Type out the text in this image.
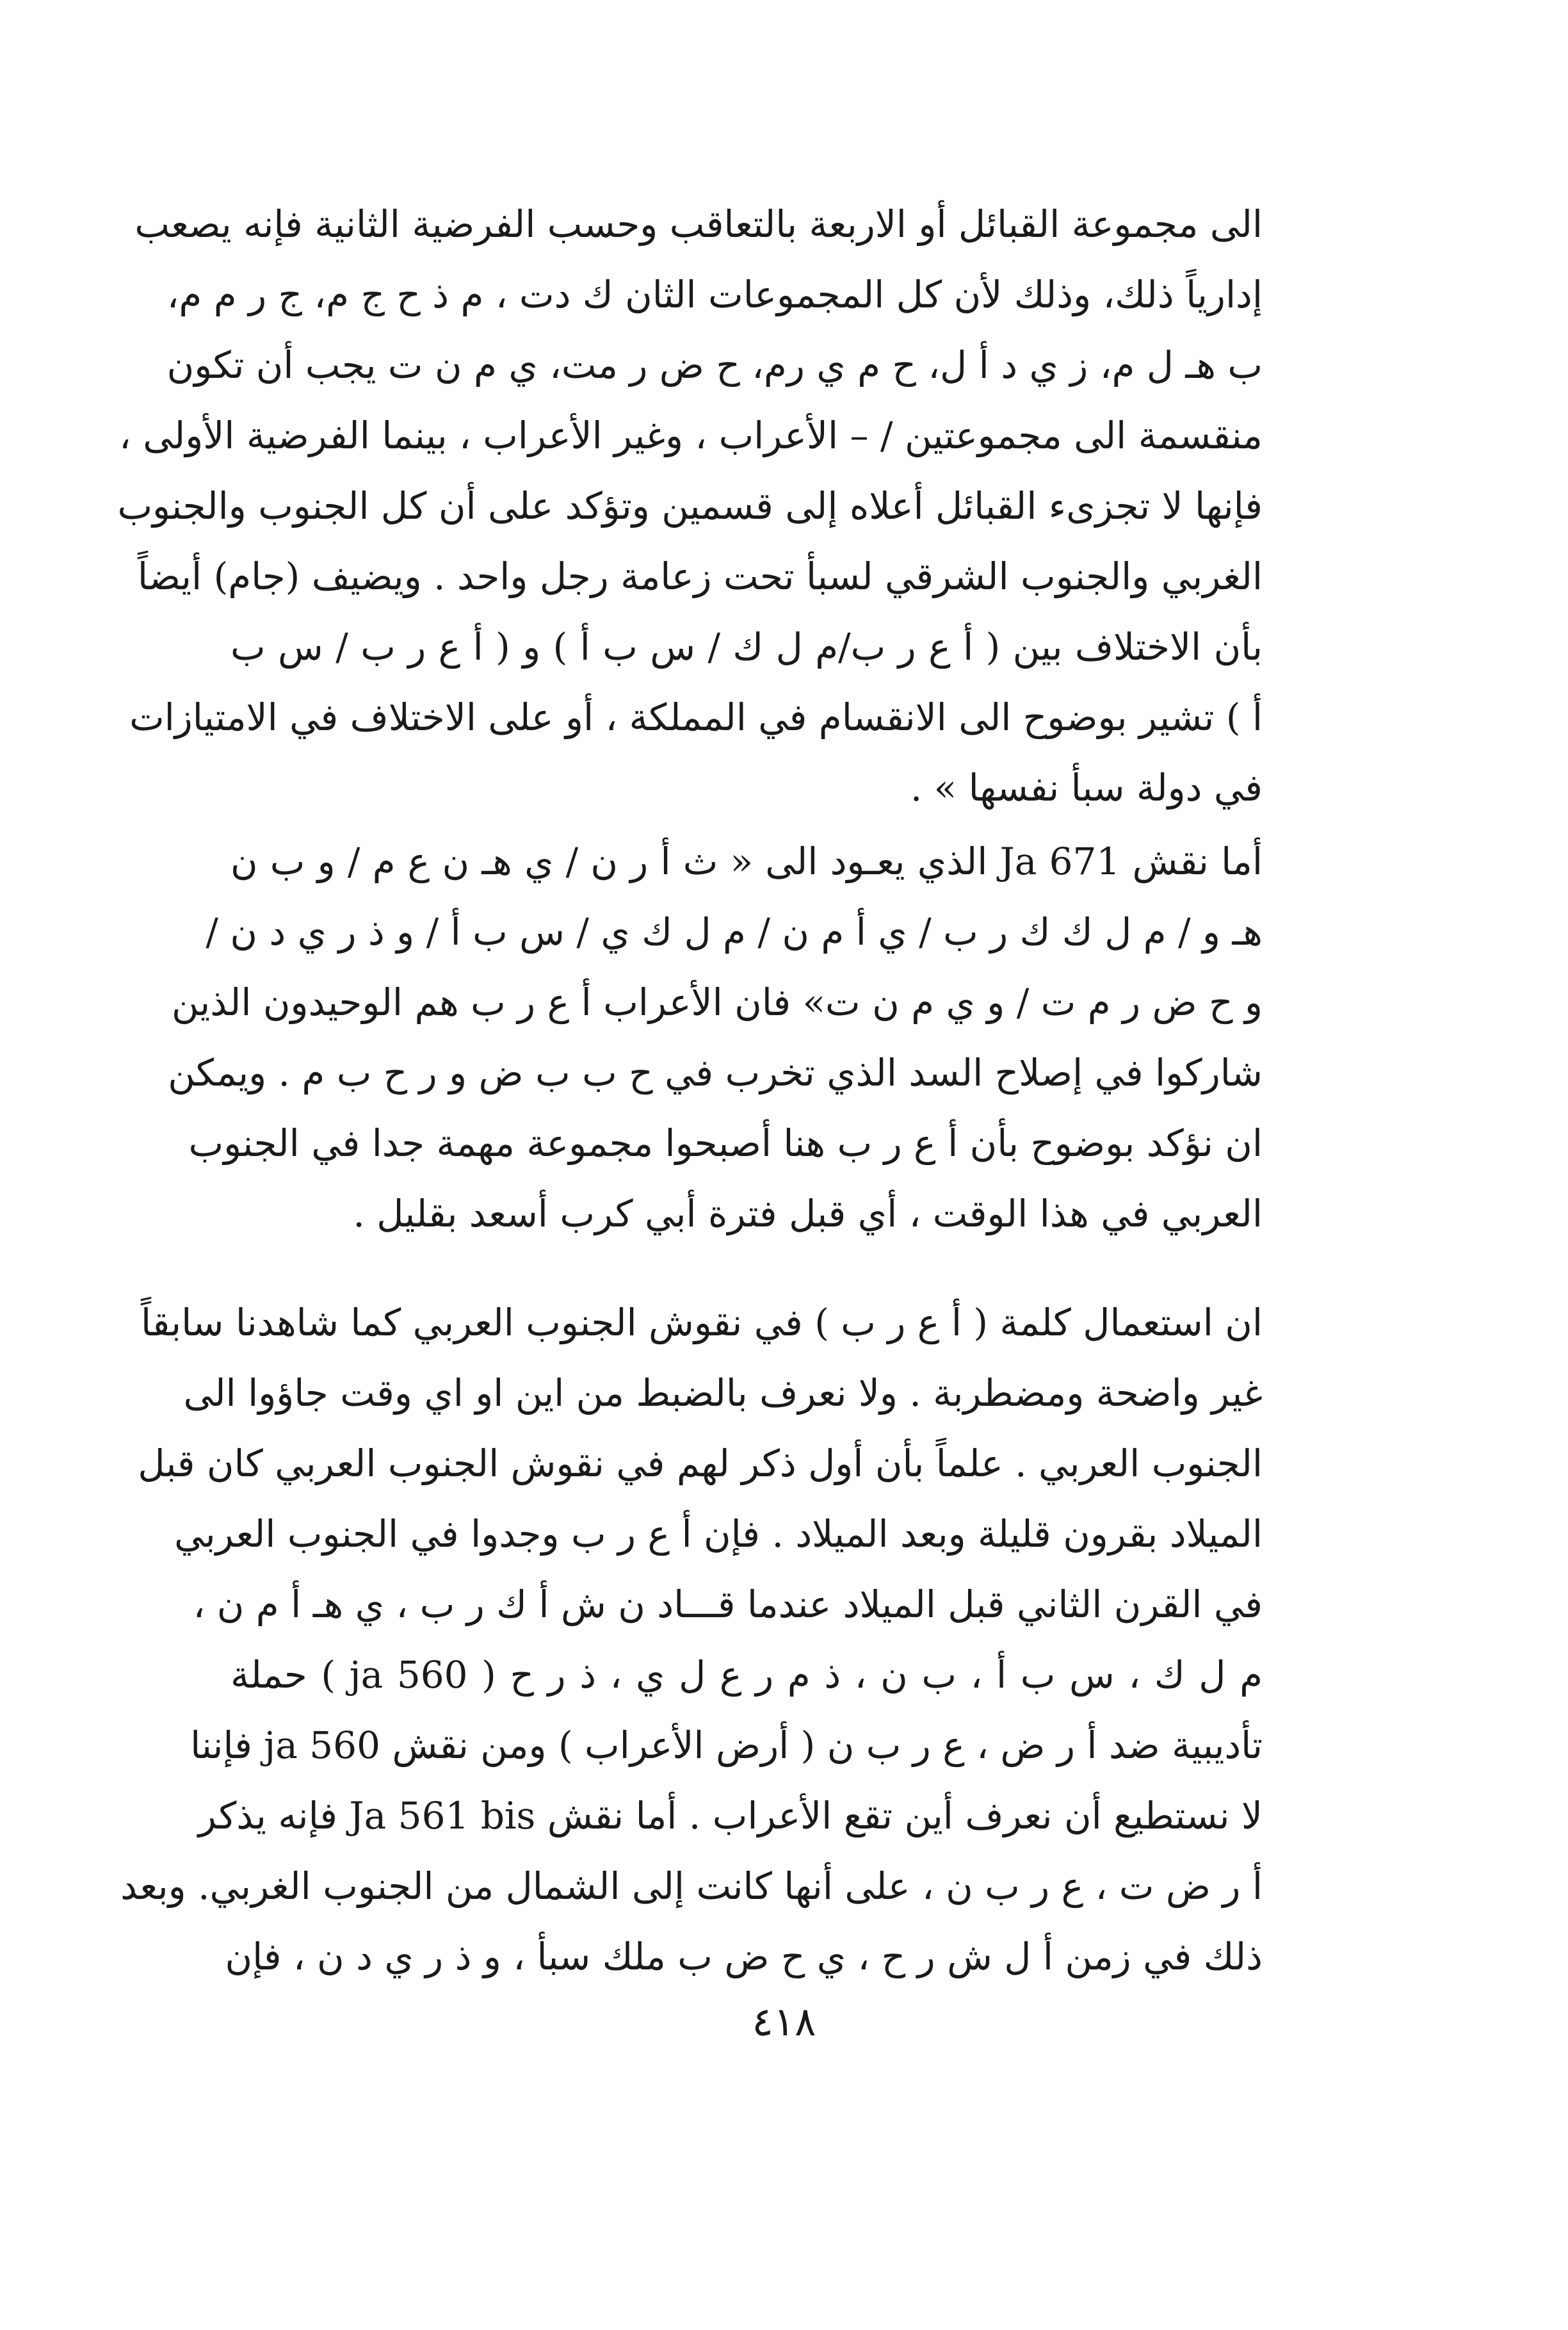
الى مجموعة القبائل أو الاربعة بالتعاقب وحسب الفرضية الثانية فإنه يصعب
إدارياً ذلك، وذلك لأن كل المجموعات الثان ك دت ، م ذ ح ج م، ج ر م م،
ب هـ ل م، ز ي د أ ل، ح م ي رم، ح ض ر مت، ي م ن ت يجب أن تكون
منقسمة الى مجموعتين / – الأعراب ، وغير الأعراب ، بينما الفرضية الأولى ،
فإنها لا تجزىء القبائل أعلاه إلى قسمين وتؤكد على أن كل الجنوب والجنوب
الغربي والجنوب الشرقي لسبأ تحت زعامة رجل واحد . ويضيف (جام) أيضاً
بأن الاختلاف بين ( أ ع ر ب/م ل ك / س ب أ ) و ( أ ع ر ب / س ب
أ ) تشير بوضوح الى الانقسام في المملكة ، أو على الاختلاف في الامتيازات
في دولة سبأ نفسها » .
أما نقش Ja 671 الذي يعـود الى « ث أ ر ن / ي هـ ن ع م / و ب ن
هـ و / م ل ك ك ر ب / ي أ م ن / م ل ك ي / س ب أ / و ذ ر ي د ن /
و ح ض ر م ت / و ي م ن ت» فان الأعراب أ ع ر ب هم الوحيدون الذين
شاركوا في إصلاح السد الذي تخرب في ح ب ب ض و ر ح ب م . ويمكن
ان نؤكد بوضوح بأن أ ع ر ب هنا أصبحوا مجموعة مهمة جدا في الجنوب
العربي في هذا الوقت ، أي قبل فترة أبي كرب أسعد بقليل .
ان استعمال كلمة ( أ ع ر ب ) في نقوش الجنوب العربي كما شاهدنا سابقاً
غير واضحة ومضطربة . ولا نعرف بالضبط من اين او اي وقت جاؤوا الى
الجنوب العربي . علماً بأن أول ذكر لهم في نقوش الجنوب العربي كان قبل
الميلاد بقرون قليلة وبعد الميلاد . فإن أ ع ر ب وجدوا في الجنوب العربي
في القرن الثاني قبل الميلاد عندما قـــاد ن ش أ ك ر ب ، ي هـ أ م ن ،
م ل ك ، س ب أ ، ب ن ، ذ م ر ع ل ي ، ذ ر ح ( ja 560 ) حملة
تأديبية ضد أ ر ض ، ع ر ب ن ( أرض الأعراب ) ومن نقش ja 560 فإننا
لا نستطيع أن نعرف أين تقع الأعراب . أما نقش Ja 561 bis فإنه يذكر
أ ر ض ت ، ع ر ب ن ، على أنها كانت إلى الشمال من الجنوب الغربي. وبعد
ذلك في زمن أ ل ش ر ح ، ي ح ض ب ملك سبأ ، و ذ ر ي د ن ، فإن
٤١٨
